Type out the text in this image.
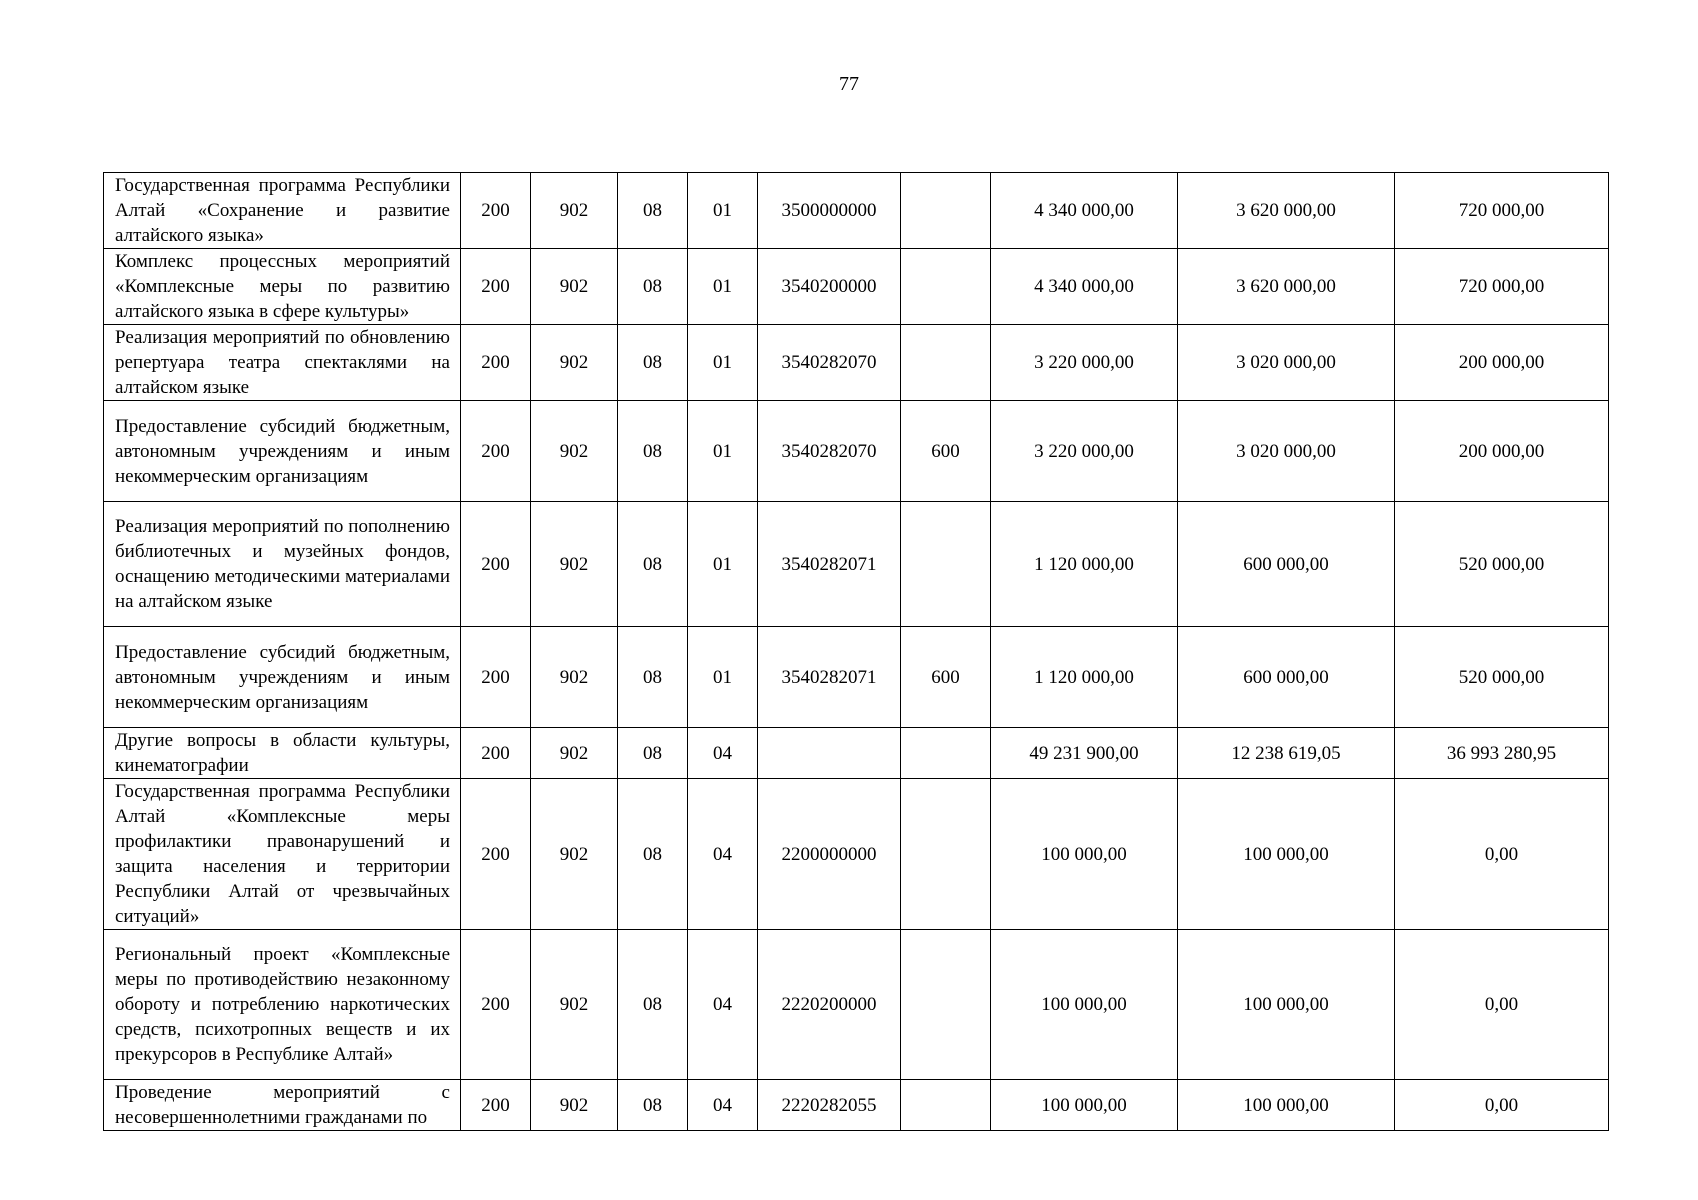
77
Государственная программа Республики Алтай «Сохранение и развитие алтайского языка»	200	902	08	01	3500000000		4 340 000,00	3 620 000,00	720 000,00
Комплекс процессных мероприятий «Комплексные меры по развитию алтайского языка в сфере культуры»	200	902	08	01	3540200000		4 340 000,00	3 620 000,00	720 000,00
Реализация мероприятий по обновлению репертуара театра спектаклями на алтайском языке	200	902	08	01	3540282070		3 220 000,00	3 020 000,00	200 000,00
Предоставление субсидий бюджетным, автономным учреждениям и иным некоммерческим организациям	200	902	08	01	3540282070	600	3 220 000,00	3 020 000,00	200 000,00
Реализация мероприятий по пополнению библиотечных и музейных фондов, оснащению методическими материалами на алтайском языке	200	902	08	01	3540282071		1 120 000,00	600 000,00	520 000,00
Предоставление субсидий бюджетным, автономным учреждениям и иным некоммерческим организациям	200	902	08	01	3540282071	600	1 120 000,00	600 000,00	520 000,00
Другие вопросы в области культуры, кинематографии	200	902	08	04			49 231 900,00	12 238 619,05	36 993 280,95
Государственная программа Республики Алтай «Комплексные меры профилактики правонарушений и защита населения и территории Республики Алтай от чрезвычайных ситуаций»	200	902	08	04	2200000000		100 000,00	100 000,00	0,00
Региональный проект «Комплексные меры по противодействию незаконному обороту и потреблению наркотических средств, психотропных веществ и их прекурсоров в Республике Алтай»	200	902	08	04	2220200000		100 000,00	100 000,00	0,00
Проведение мероприятий с несовершеннолетними гражданами по	200	902	08	04	2220282055		100 000,00	100 000,00	0,00
